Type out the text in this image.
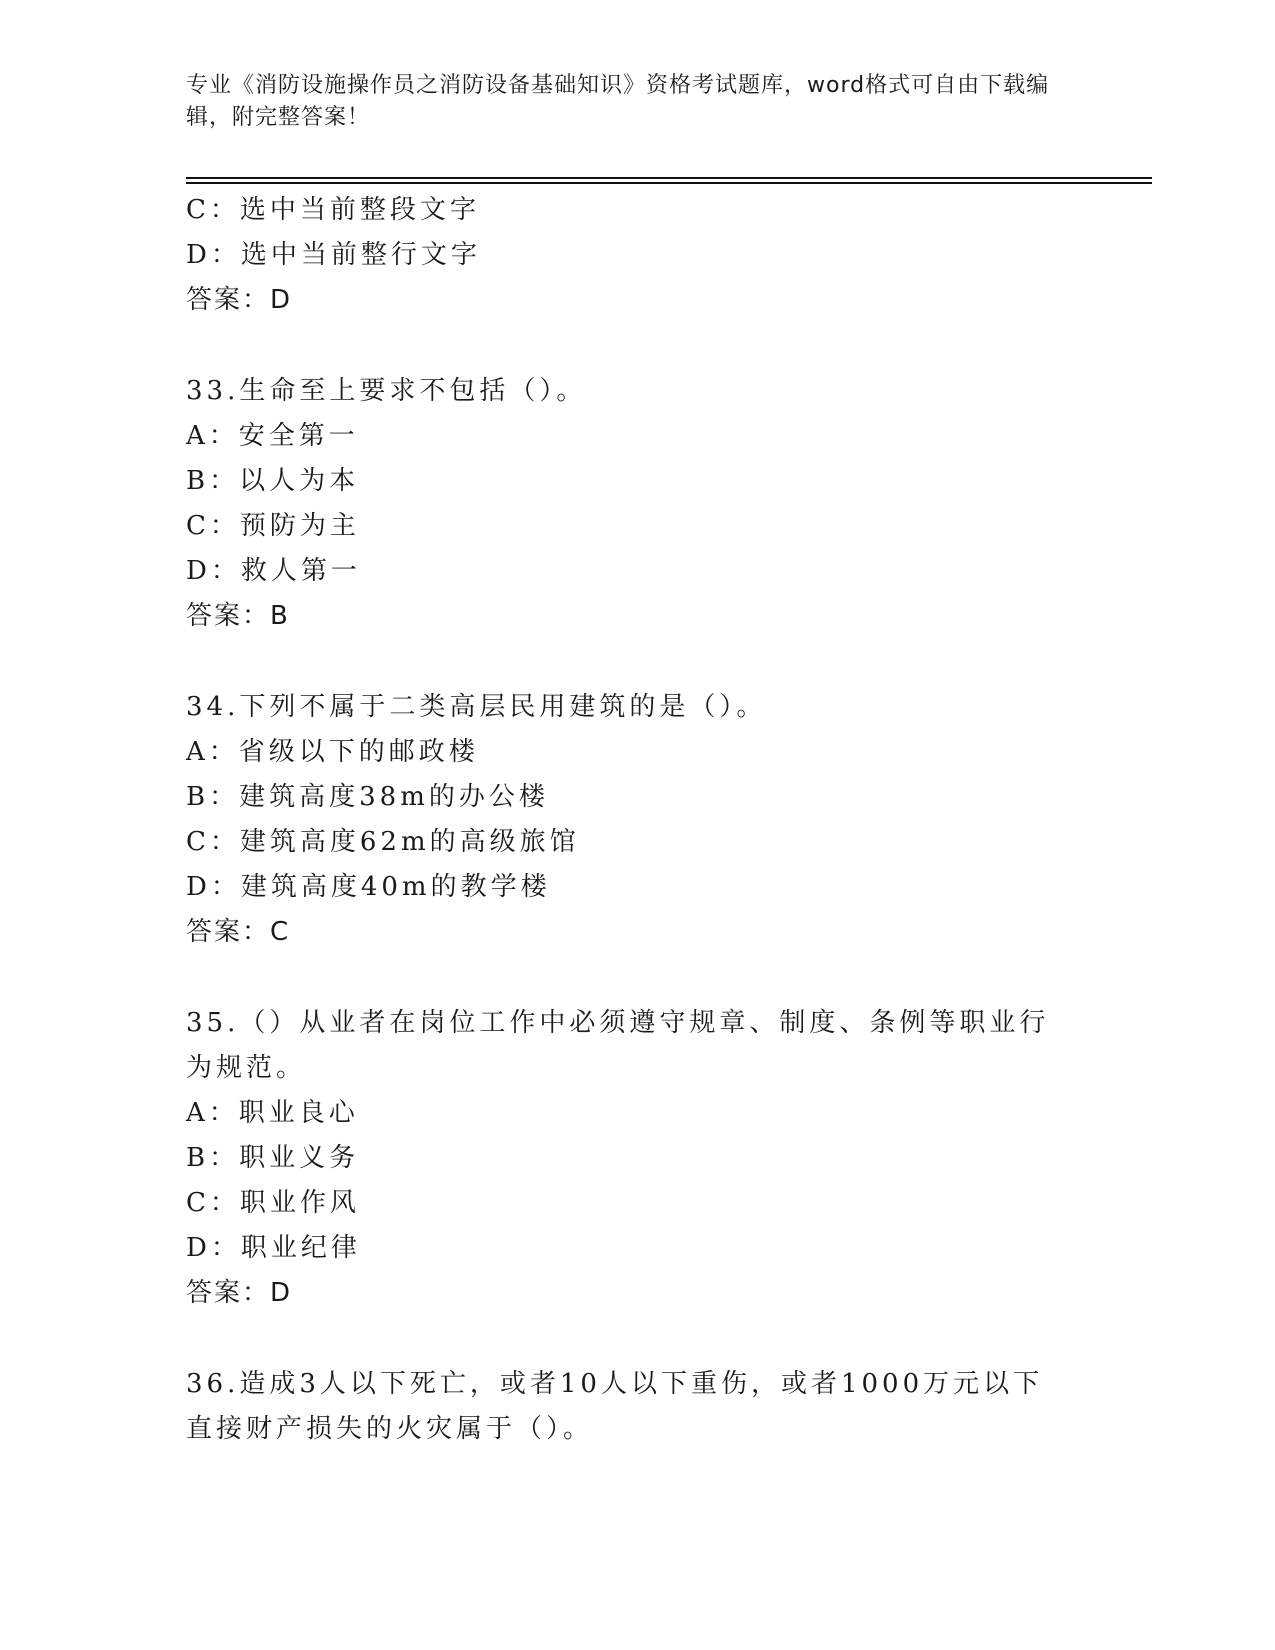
专业《消防设施操作员之消防设备基础知识》资格考试题库，word格式可自由下载编辑，附完整答案！
C：选中当前整段文字
D：选中当前整行文字
答案：D
33.生命至上要求不包括（）。
A：安全第一
B：以人为本
C：预防为主
D：救人第一
答案：B
34.下列不属于二类高层民用建筑的是（）。
A：省级以下的邮政楼
B：建筑高度38m的办公楼
C：建筑高度62m的高级旅馆
D：建筑高度40m的教学楼
答案：C
35.（）从业者在岗位工作中必须遵守规章、制度、条例等职业行为规范。
A：职业良心
B：职业义务
C：职业作风
D：职业纪律
答案：D
36.造成3人以下死亡，或者10人以下重伤，或者1000万元以下直接财产损失的火灾属于（）。
